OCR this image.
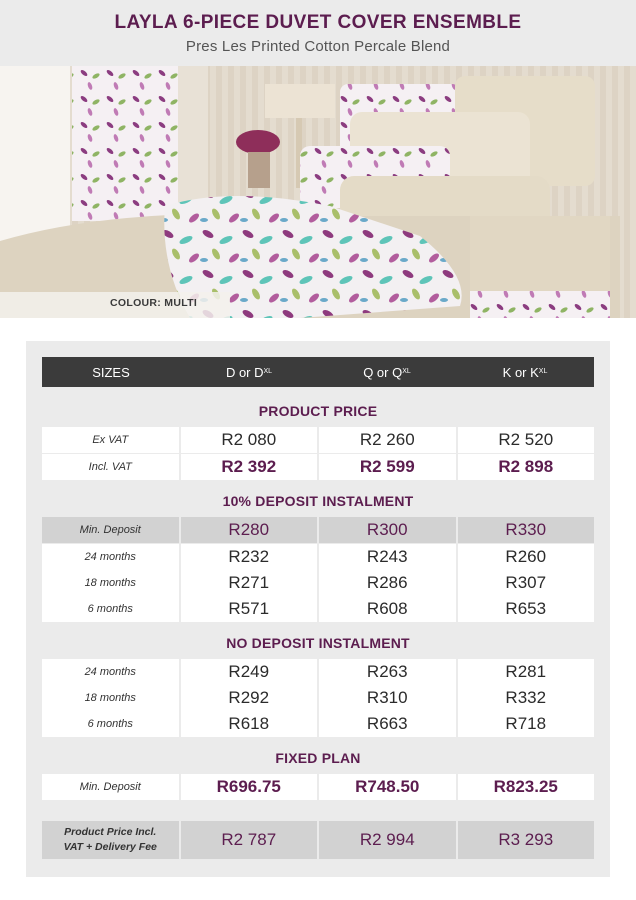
LAYLA 6-PIECE DUVET COVER ENSEMBLE
Pres Les Printed Cotton Percale Blend
COLOUR: MULTI
SIZES	D or $D^{XL}$	Q or $Q^{XL}$	K or $K^{XL}$
PRODUCT PRICE
Ex VAT	R2 080	R2 260	R2 520
Incl. VAT	R2 392	R2 599	R2 898
10% DEPOSIT INSTALMENT
Min. Deposit	R280	R300	R330
24 months	R232	R243	R260
18 months	R271	R286	R307
6 months	R571	R608	R653
NO DEPOSIT INSTALMENT
24 months	R249	R263	R281
18 months	R292	R310	R332
6 months	R618	R663	R718
FIXED PLAN
Min. Deposit	R696.75	R748.50	R823.25
Product Price Incl.
VAT + Delivery Fee	R2 787	R2 994	R3 293
